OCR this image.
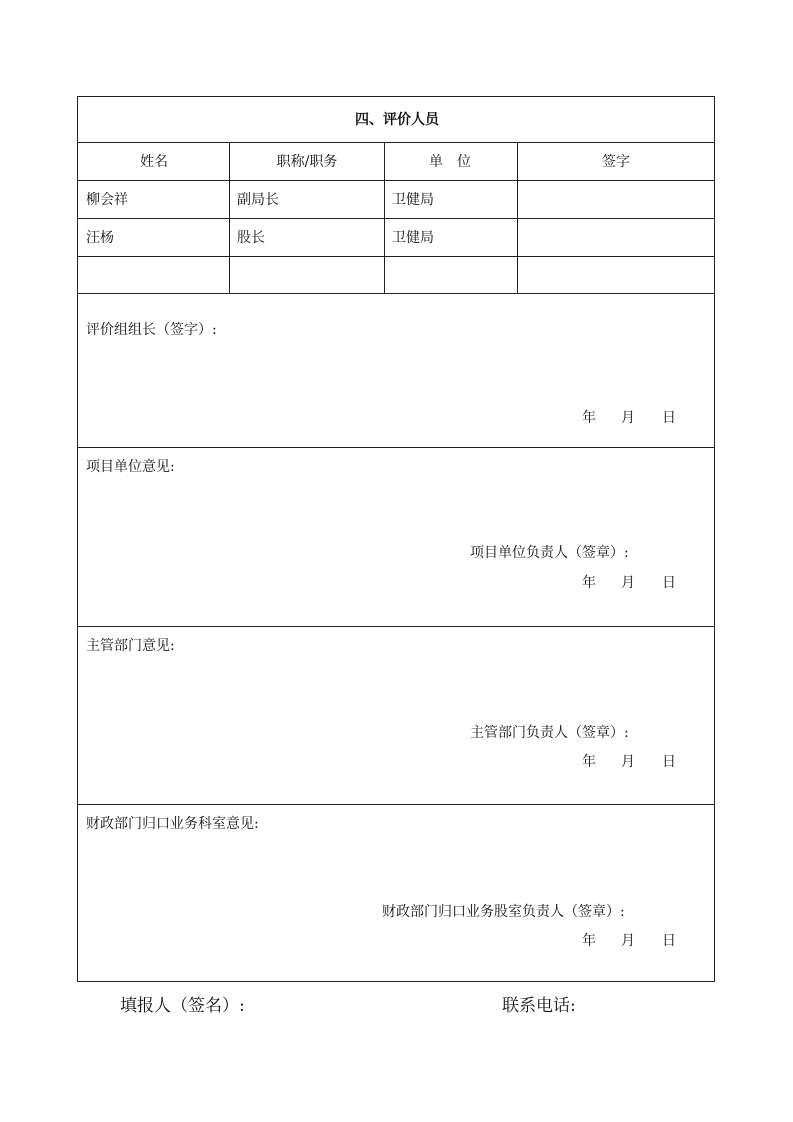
四、评价人员
姓名	职称/职务	单　位	签字
柳会祥	副局长	卫健局
汪杨	股长	卫健局
评价组组长（签字）:
年 月 日
项目单位意见:
项目单位负责人（签章）:
年 月 日
主管部门意见:
主管部门负责人（签章）:
年 月 日
财政部门归口业务科室意见:
财政部门归口业务股室负责人（签章）:
年 月 日
填报人（签名）:	联系电话:
